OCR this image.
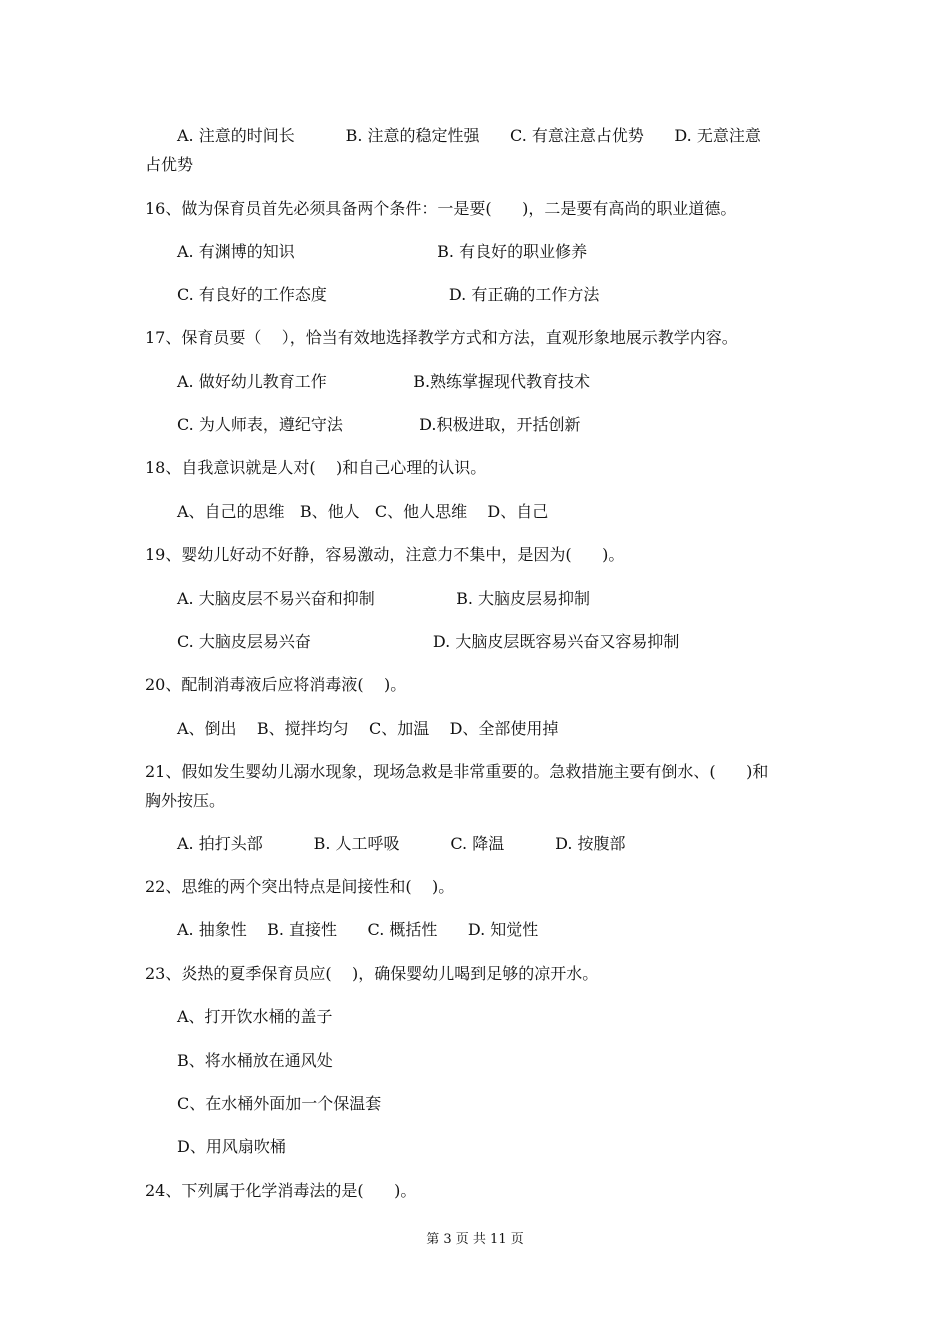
A. 注意的时间长          B. 注意的稳定性强      C. 有意注意占优势      D. 无意注意
占优势
16、做为保育员首先必须具备两个条件：一是要(      )，二是要有高尚的职业道德。
A. 有渊博的知识                            B. 有良好的职业修养
C. 有良好的工作态度                        D. 有正确的工作方法
17、保育员要（    ），恰当有效地选择教学方式和方法，直观形象地展示教学内容。
A. 做好幼儿教育工作                 B.熟练掌握现代教育技术
C. 为人师表，遵纪守法               D.积极进取，开括创新
18、自我意识就是人对(    )和自己心理的认识。
A、自己的思维   B、他人   C、他人思维    D、自己
19、婴幼儿好动不好静，容易激动，注意力不集中，是因为(      )。
A. 大脑皮层不易兴奋和抑制                B. 大脑皮层易抑制
C. 大脑皮层易兴奋                        D. 大脑皮层既容易兴奋又容易抑制
20、配制消毒液后应将消毒液(    )。
A、倒出    B、搅拌均匀    C、加温    D、全部使用掉
21、假如发生婴幼儿溺水现象，现场急救是非常重要的。急救措施主要有倒水、(      )和
胸外按压。
A. 拍打头部          B. 人工呼吸          C. 降温          D. 按腹部
22、思维的两个突出特点是间接性和(    )。
A. 抽象性    B. 直接性      C. 概括性      D. 知觉性
23、炎热的夏季保育员应(    )，确保婴幼儿喝到足够的凉开水。
A、打开饮水桶的盖子
B、将水桶放在通风处
C、在水桶外面加一个保温套
D、用风扇吹桶
24、下列属于化学消毒法的是(      )。
第 3 页 共 11 页
